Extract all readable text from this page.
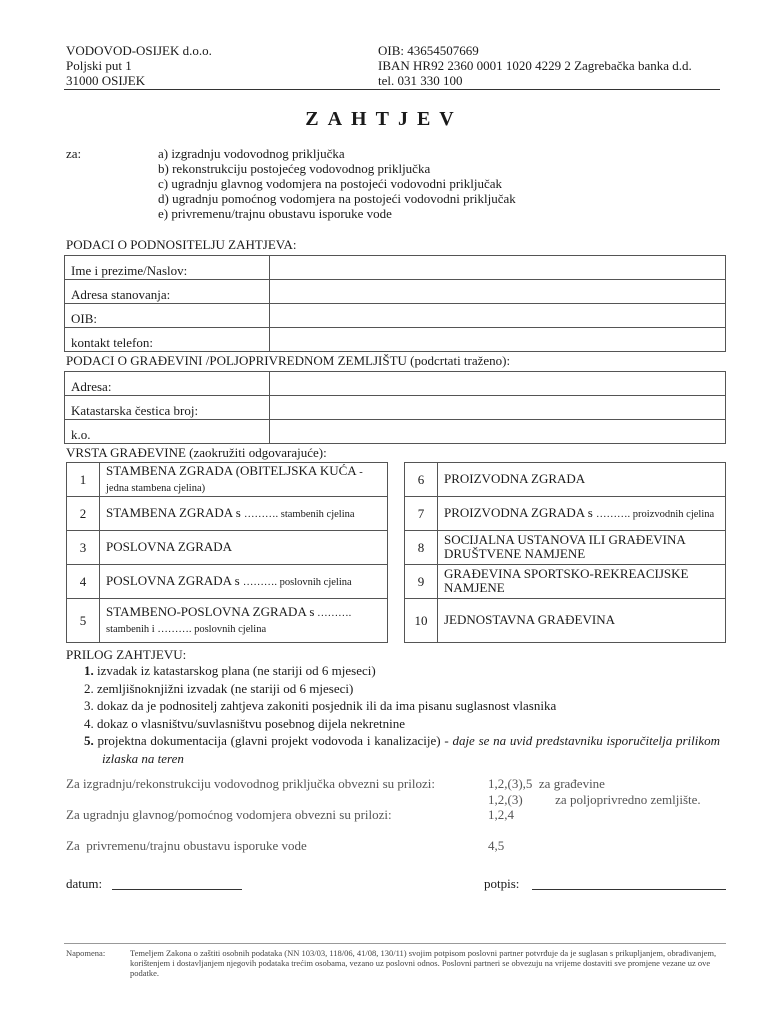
VODOVOD-OSIJEK d.o.o.
Poljski put 1
31000 OSIJEK
OIB: 43654507669
IBAN HR92 2360 0001 1020 4229 2 Zagrebačka banka d.d.
tel. 031 330 100
ZAHTJEV
za:	a) izgradnju vodovodnog priključka
b) rekonstrukciju postojećeg vodovodnog priključka
c) ugradnju glavnog vodomjera na postojeći vodovodni priključak
d) ugradnju pomoćnog vodomjera na postojeći vodovodni priključak
e) privremenu/trajnu obustavu isporuke vode
PODACI O PODNOSITELJU ZAHTJEVA:
Ime i prezime/Naslov:	
Adresa stanovanja:	
OIB:	
kontakt telefon:	
PODACI O GRAĐEVINI /POLJOPRIVREDNOM ZEMLJIŠTU (podcrtati traženo):
Adresa:	
Katastarska čestica broj:	
k.o.	
VRSTA GRAĐEVINE (zaokružiti odgovarajuće):
1	STAMBENA ZGRADA (OBITELJSKA KUĆA - jedna stambena cjelina)
2	STAMBENA ZGRADA s ………. stambenih cjelina
3	POSLOVNA ZGRADA
4	POSLOVNA ZGRADA s ………. poslovnih cjelina
5	STAMBENO-POSLOVNA ZGRADA s ………. stambenih i ………. poslovnih cjelina
6	PROIZVODNA ZGRADA
7	PROIZVODNA ZGRADA s ………. proizvodnih cjelina
8	SOCIJALNA USTANOVA ILI GRAĐEVINA DRUŠTVENE NAMJENE
9	GRAĐEVINA SPORTSKO-REKREACIJSKE NAMJENE
10	JEDNOSTAVNA GRAĐEVINA
PRILOG ZAHTJEVU:
1. izvadak iz katastarskog plana (ne stariji od 6 mjeseci)
2. zemljišnoknjižni izvadak (ne stariji od 6 mjeseci)
3. dokaz da je podnositelj zahtjeva zakoniti posjednik ili da ima pisanu suglasnost vlasnika
4. dokaz o vlasništvu/suvlasništvu posebnog dijela nekretnine
5. projektna dokumentacija (glavni projekt vodovoda i kanalizacije) - daje se na uvid predstavniku isporučitelja prilikom izlaska na teren
Za izgradnju/rekonstrukciju vodovodnog priključka obvezni su prilozi:	1,2,(3),5  za građevine
1,2,(3)          za poljoprivredno zemljište.
Za ugradnju glavnog/pomoćnog vodomjera obvezni su prilozi:	1,2,4
Za  privremenu/trajnu obustavu isporuke vode	4,5
datum:	potpis:
Napomena:	Temeljem Zakona o zaštiti osobnih podataka (NN 103/03, 118/06, 41/08, 130/11) svojim potpisom poslovni partner potvrđuje da je suglasan s prikupljanjem, obrađivanjem, korištenjem i dostavljanjem njegovih podataka trećim osobama, vezano uz poslovni odnos. Poslovni partneri se obvezuju na vrijeme dostaviti sve promjene vezane uz ove podatke.
